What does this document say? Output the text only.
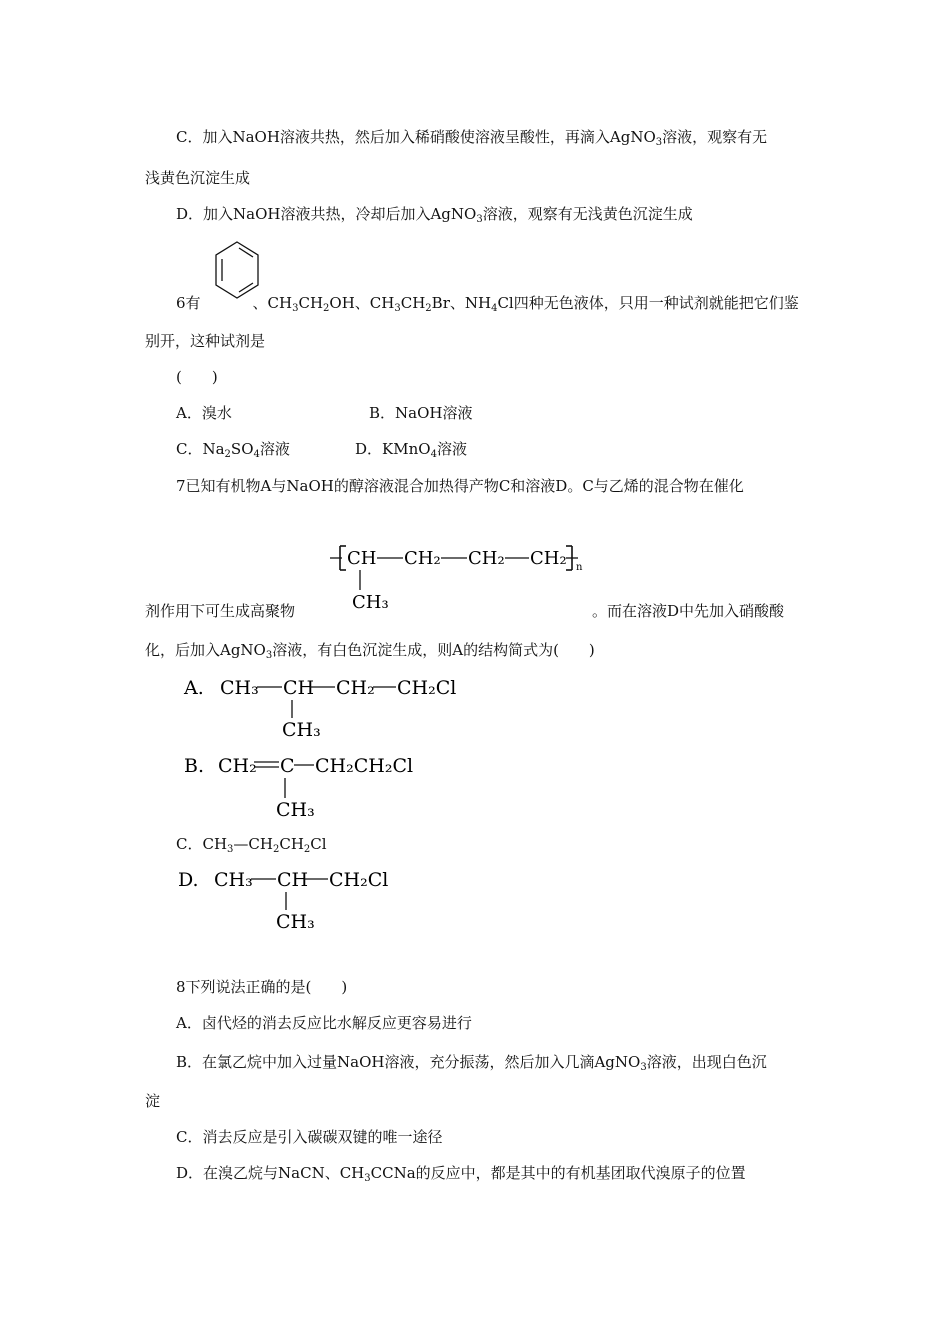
C．加入NaOH溶液共热，然后加入稀硝酸使溶液呈酸性，再滴入AgNO$_3$溶液，观察有无
浅黄色沉淀生成
D．加入NaOH溶液共热，冷却后加入AgNO$_3$溶液，观察有无浅黄色沉淀生成
6有	、$CH_3CH_2OH$、$CH_3CH_2Br$、$NH_4Cl$四种无色液体，只用一种试剂就能把它们鉴
别开，这种试剂是
(　　)
A．溴水	B．NaOH溶液
C．$Na_2SO_4$溶液	D．KMnO$_4$溶液
7已知有机物A与NaOH的醇溶液混合加热得产物C和溶液D。C与乙烯的混合物在催化
CH CH₂ CH₂ CH₂ n
CH₃
剂作用下可生成高聚物	。而在溶液D中先加入硝酸酸
化，后加入AgNO$_3$溶液，有白色沉淀生成，则A的结构简式为(　　)
A. CH₃ CH CH₂ CH₂Cl
CH₃
B. CH₂ C CH₂CH₂Cl
CH₃
C．$CH_3—CH_2CH_2Cl$
D. CH₃ CH CH₂Cl
CH₃
8下列说法正确的是(　　)
A．卤代烃的消去反应比水解反应更容易进行
B．在氯乙烷中加入过量NaOH溶液，充分振荡，然后加入几滴AgNO$_3$溶液，出现白色沉
淀
C．消去反应是引入碳碳双键的唯一途径
D．在溴乙烷与NaCN、$CH_3CCNa$的反应中，都是其中的有机基团取代溴原子的位置
